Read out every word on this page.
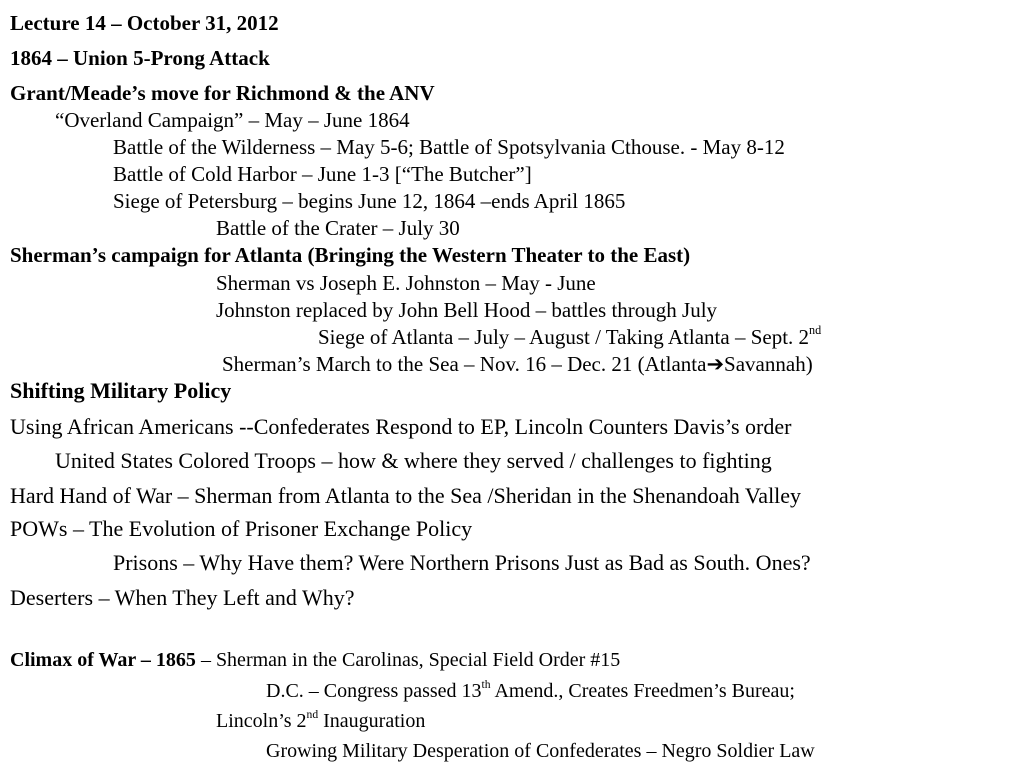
Lecture 14 – October 31, 2012
1864 – Union 5-Prong Attack
Grant/Meade’s move for Richmond & the ANV
“Overland Campaign” – May – June 1864
Battle of the Wilderness – May 5-6; Battle of Spotsylvania Cthouse. - May 8-12
Battle of Cold Harbor – June 1-3 [“The Butcher”]
Siege of Petersburg – begins June 12, 1864 –ends April 1865
Battle of the Crater – July 30
Sherman’s campaign for Atlanta (Bringing the Western Theater to the East)
Sherman vs Joseph E. Johnston – May - June
Johnston replaced by John Bell Hood – battles through July
Siege of Atlanta – July – August / Taking Atlanta – Sept. 2nd
Sherman’s March to the Sea – Nov. 16 – Dec. 21 (Atlanta➔Savannah)
Shifting Military Policy
Using African Americans --Confederates Respond to EP, Lincoln Counters Davis’s order
United States Colored Troops – how & where they served / challenges to fighting
Hard Hand of War – Sherman from Atlanta to the Sea /Sheridan in the Shenandoah Valley
POWs – The Evolution of Prisoner Exchange Policy
Prisons – Why Have them? Were Northern Prisons Just as Bad as South. Ones?
Deserters – When They Left and Why?
Climax of War – 1865 – Sherman in the Carolinas, Special Field Order #15
D.C. – Congress passed 13th Amend., Creates Freedmen’s Bureau;
Lincoln’s 2nd Inauguration
Growing Military Desperation of Confederates – Negro Soldier Law
